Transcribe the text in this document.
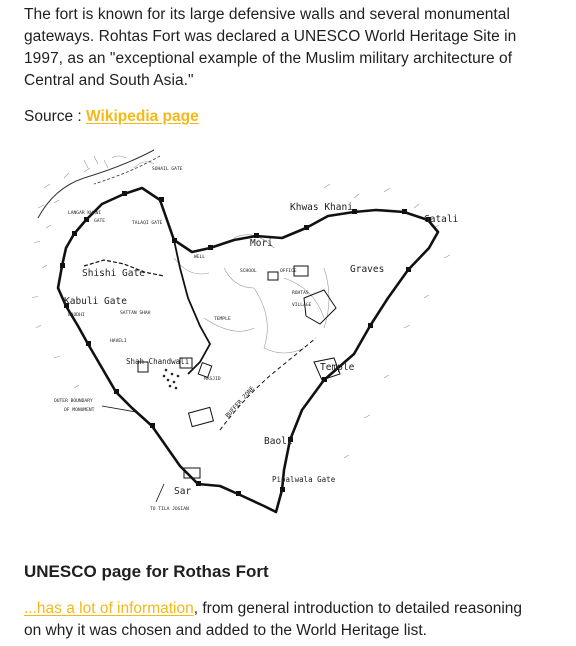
The fort is known for its large defensive walls and several monumental
gateways. Rohtas Fort was declared a UNESCO World Heritage Site in
1997, as an "exceptional example of the Muslim military architecture of
Central and South Asia."
Source : Wikipedia page
Khwas Khani
Gatali
Mori
Shishi Gate
Kabuli Gate
Graves
Temple
Shah Chandwali
Baoli
Pipalwala Gate
Sar
BUFFER ZONE
LANGAR KHANI
GATE	TALAQI GATE
SOHAIL GATE
WELL
SCHOOL	OFFICE
ROHTAS
VILLAGE
TEMPLE
BAODHI	SATTAN SHAH
HAVELI
MASJID
OUTER BOUNDARY
OF MONUMENT
TO TILA JOGIAN
UNESCO page for Rothas Fort
...has a lot of information, from general introduction to detailed reasoning
on why it was chosen and added to the World Heritage list.
